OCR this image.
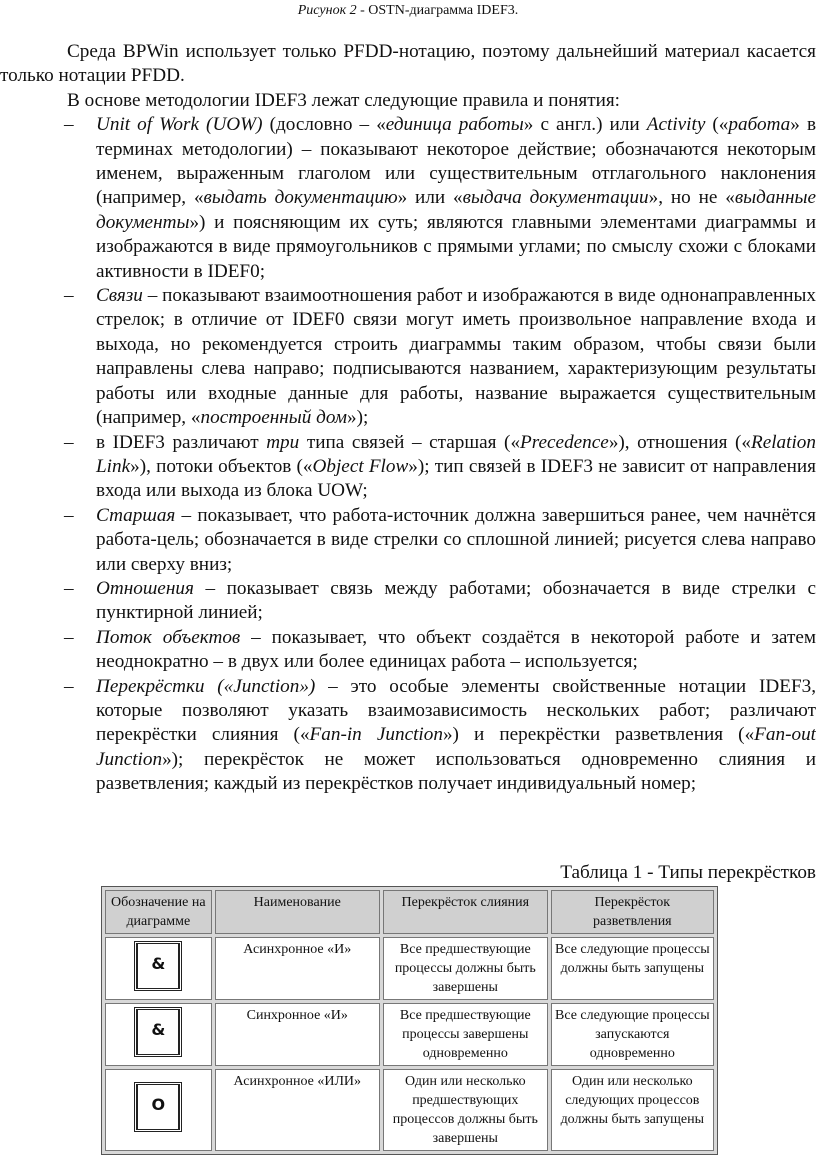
Рисунок 2 - OSTN-диаграмма IDEF3.

Среда BPWin использует только PFDD-нотацию, поэтому дальнейший материал касается только нотации PFDD.

В основе методологии IDEF3 лежат следующие правила и понятия:

– Unit of Work (UOW) (дословно – «единица работы» с англ.) или Activity («работа» в терминах методологии) – показывают некоторое действие; обозначаются некоторым именем, выраженным глаголом или существительным отглагольного наклонения (например, «выдать документацию» или «выдача документации», но не «выданные документы») и поясняющим их суть; являются главными элементами диаграммы и изображаются в виде прямоугольников с прямыми углами; по смыслу схожи с блоками активности в IDEF0;
– Связи – показывают взаимоотношения работ и изображаются в виде однонаправленных стрелок; в отличие от IDEF0 связи могут иметь произвольное направление входа и выхода, но рекомендуется строить диаграммы таким образом, чтобы связи были направлены слева направо; подписываются названием, характеризующим результаты работы или входные данные для работы, название выражается существительным (например, «построенный дом»);
– в IDEF3 различают три типа связей – старшая («Precedence»), отношения («Relation Link»), потоки объектов («Object Flow»); тип связей в IDEF3 не зависит от направления входа или выхода из блока UOW;
– Старшая – показывает, что работа-источник должна завершиться ранее, чем начнётся работа-цель; обозначается в виде стрелки со сплошной линией; рисуется слева направо или сверху вниз;
– Отношения – показывает связь между работами; обозначается в виде стрелки с пунктирной линией;
– Поток объектов – показывает, что объект создаётся в некоторой работе и затем неоднократно – в двух или более единицах работа – используется;
– Перекрёстки («Junction») – это особые элементы свойственные нотации IDEF3, которые позволяют указать взаимозависимость нескольких работ; различают перекрёстки слияния («Fan-in Junction») и перекрёстки разветвления («Fan-out Junction»); перекрёсток не может использоваться одновременно слияния и разветвления; каждый из перекрёстков получает индивидуальный номер;
Таблица 1 - Типы перекрёстков
Обозначение на диаграмме	Наименование	Перекрёсток слияния	Перекрёсток разветвления

&	Асинхронное «И»	Все предшествующие процессы должны быть завершены	Все следующие процессы должны быть запущены

&	Синхронное «И»	Все предшествующие процессы завершены одновременно	Все следующие процессы запускаются одновременно

O	Асинхронное «ИЛИ»	Один или несколько предшествующих процессов должны быть завершены	Один или несколько следующих процессов должны быть запущены
